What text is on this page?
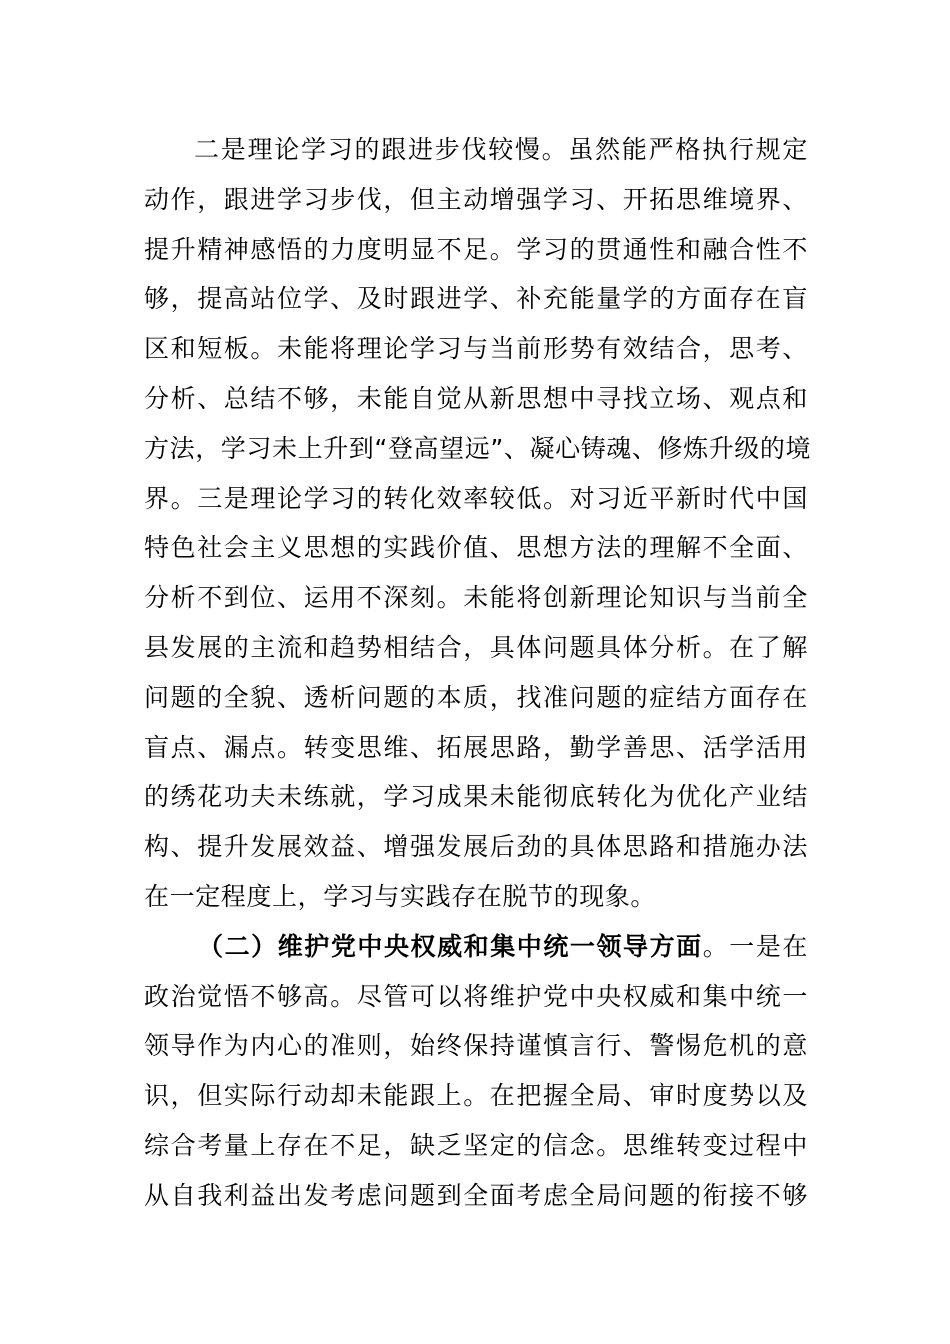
二是理论学习的跟进步伐较慢。虽然能严格执行规定
动作，跟进学习步伐，但主动增强学习、开拓思维境界、
提升精神感悟的力度明显不足。学习的贯通性和融合性不
够，提高站位学、及时跟进学、补充能量学的方面存在盲
区和短板。未能将理论学习与当前形势有效结合，思考、
分析、总结不够，未能自觉从新思想中寻找立场、观点和
方法，学习未上升到“登高望远”、凝心铸魂、修炼升级的境
界。三是理论学习的转化效率较低。对习近平新时代中国
特色社会主义思想的实践价值、思想方法的理解不全面、
分析不到位、运用不深刻。未能将创新理论知识与当前全
县发展的主流和趋势相结合，具体问题具体分析。在了解
问题的全貌、透析问题的本质，找准问题的症结方面存在
盲点、漏点。转变思维、拓展思路，勤学善思、活学活用
的绣花功夫未练就，学习成果未能彻底转化为优化产业结
构、提升发展效益、增强发展后劲的具体思路和措施办法
在一定程度上，学习与实践存在脱节的现象。
（二）维护党中央权威和集中统一领导方面。一是在
政治觉悟不够高。尽管可以将维护党中央权威和集中统一
领导作为内心的准则，始终保持谨慎言行、警惕危机的意
识，但实际行动却未能跟上。在把握全局、审时度势以及
综合考量上存在不足，缺乏坚定的信念。思维转变过程中
从自我利益出发考虑问题到全面考虑全局问题的衔接不够
